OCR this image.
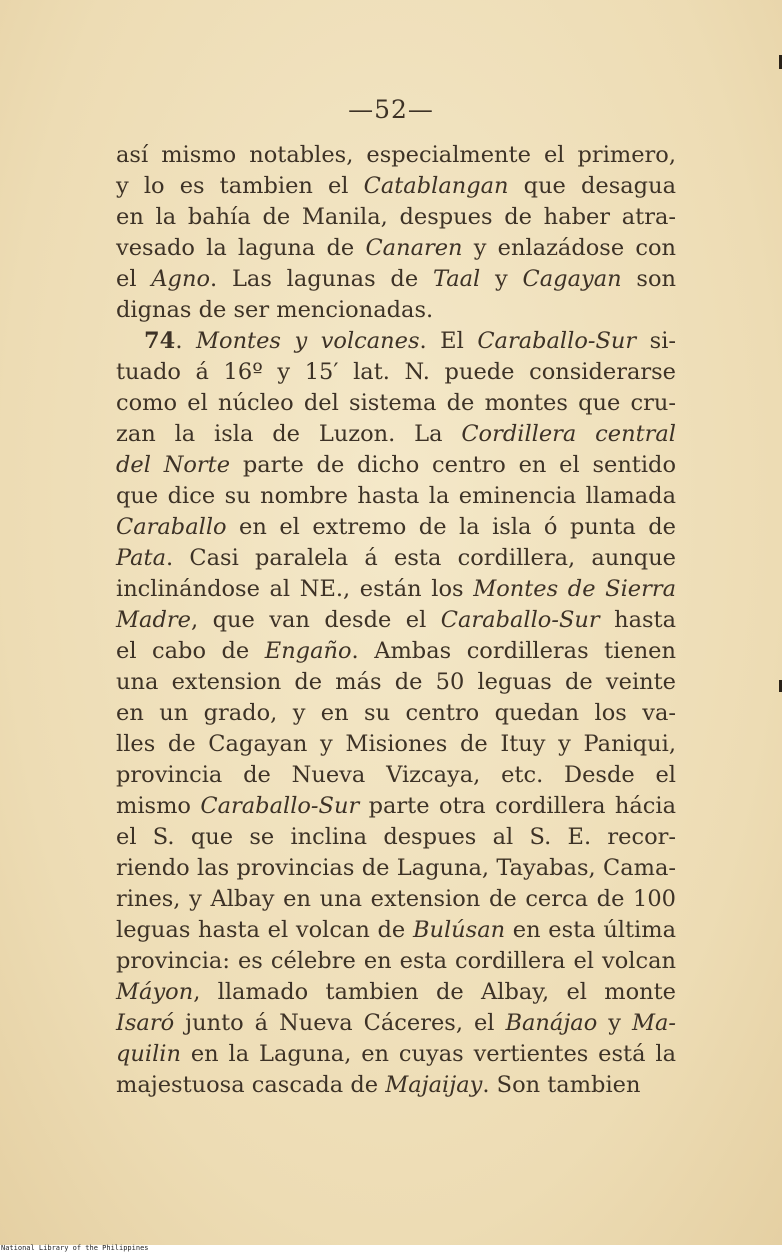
—52—
así mismo notables, especialmente el primero,
y lo es tambien el Catablangan que desagua
en la bahía de Manila, despues de haber atra-
vesado la laguna de Canaren y enlazádose con
el Agno. Las lagunas de Taal y Cagayan son
dignas de ser mencionadas.
74. Montes y volcanes. El Caraballo-Sur si-
tuado á 16º y 15′ lat. N. puede considerarse
como el núcleo del sistema de montes que cru-
zan la isla de Luzon. La Cordillera central
del Norte parte de dicho centro en el sentido
que dice su nombre hasta la eminencia llamada
Caraballo en el extremo de la isla ó punta de
Pata. Casi paralela á esta cordillera, aunque
inclinándose al NE., están los Montes de Sierra
Madre, que van desde el Caraballo-Sur hasta
el cabo de Engaño. Ambas cordilleras tienen
una extension de más de 50 leguas de veinte
en un grado, y en su centro quedan los va-
lles de Cagayan y Misiones de Ituy y Paniqui,
provincia de Nueva Vizcaya, etc. Desde el
mismo Caraballo-Sur parte otra cordillera hácia
el S. que se inclina despues al S. E. recor-
riendo las provincias de Laguna, Tayabas, Cama-
rines, y Albay en una extension de cerca de 100
leguas hasta el volcan de Bulúsan en esta última
provincia: es célebre en esta cordillera el volcan
Máyon, llamado tambien de Albay, el monte
Isaró junto á Nueva Cáceres, el Banájao y Ma-
quilin en la Laguna, en cuyas vertientes está la
majestuosa cascada de Majaijay. Son tambien
National Library of the Philippines
